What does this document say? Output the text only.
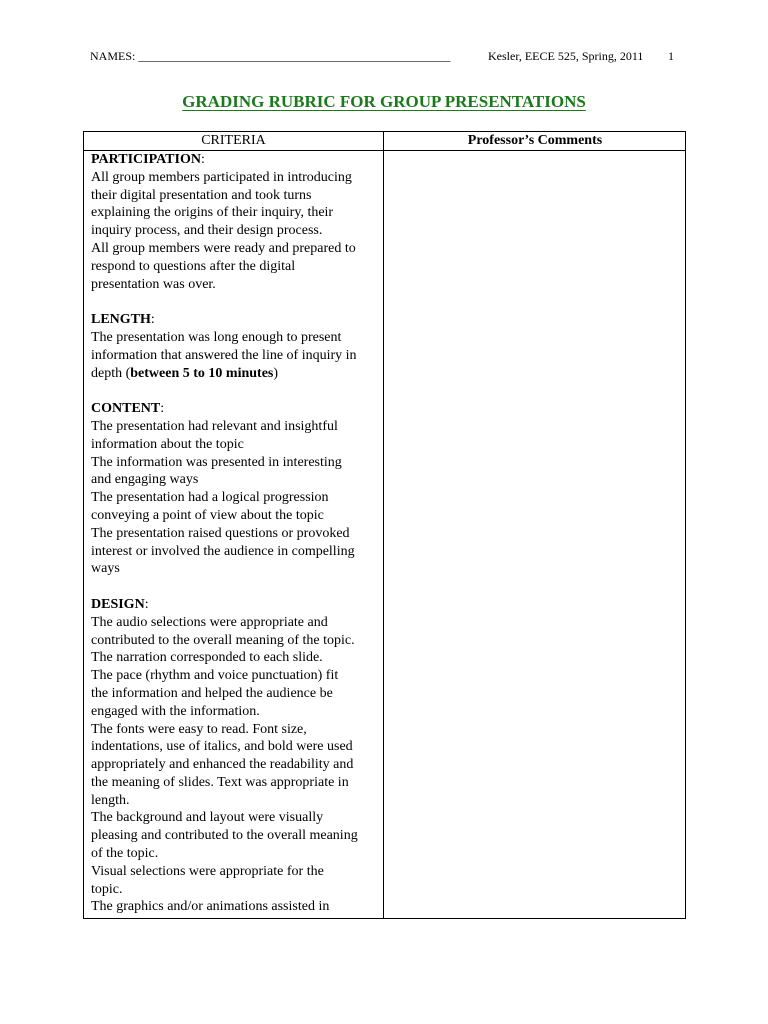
NAMES: ____________________________________________________	Kesler, EECE 525, Spring, 2011 1
GRADING RUBRIC FOR GROUP PRESENTATIONS
CRITERIA	Professor’s Comments
PARTICIPATION:
All group members participated in introducing
their digital presentation and took turns
explaining the origins of their inquiry, their
inquiry process, and their design process.
All group members were ready and prepared to
respond to questions after the digital
presentation was over.
LENGTH:
The presentation was long enough to present
information that answered the line of inquiry in
depth (between 5 to 10 minutes)
CONTENT:
The presentation had relevant and insightful
information about the topic
The information was presented in interesting
and engaging ways
The presentation had a logical progression
conveying a point of view about the topic
The presentation raised questions or provoked
interest or involved the audience in compelling
ways
DESIGN:
The audio selections were appropriate and
contributed to the overall meaning of the topic.
The narration corresponded to each slide.
The pace (rhythm and voice punctuation) fit
the information and helped the audience be
engaged with the information.
The fonts were easy to read. Font size,
indentations, use of italics, and bold were used
appropriately and enhanced the readability and
the meaning of slides. Text was appropriate in
length.
The background and layout were visually
pleasing and contributed to the overall meaning
of the topic.
Visual selections were appropriate for the
topic.
The graphics and/or animations assisted in
